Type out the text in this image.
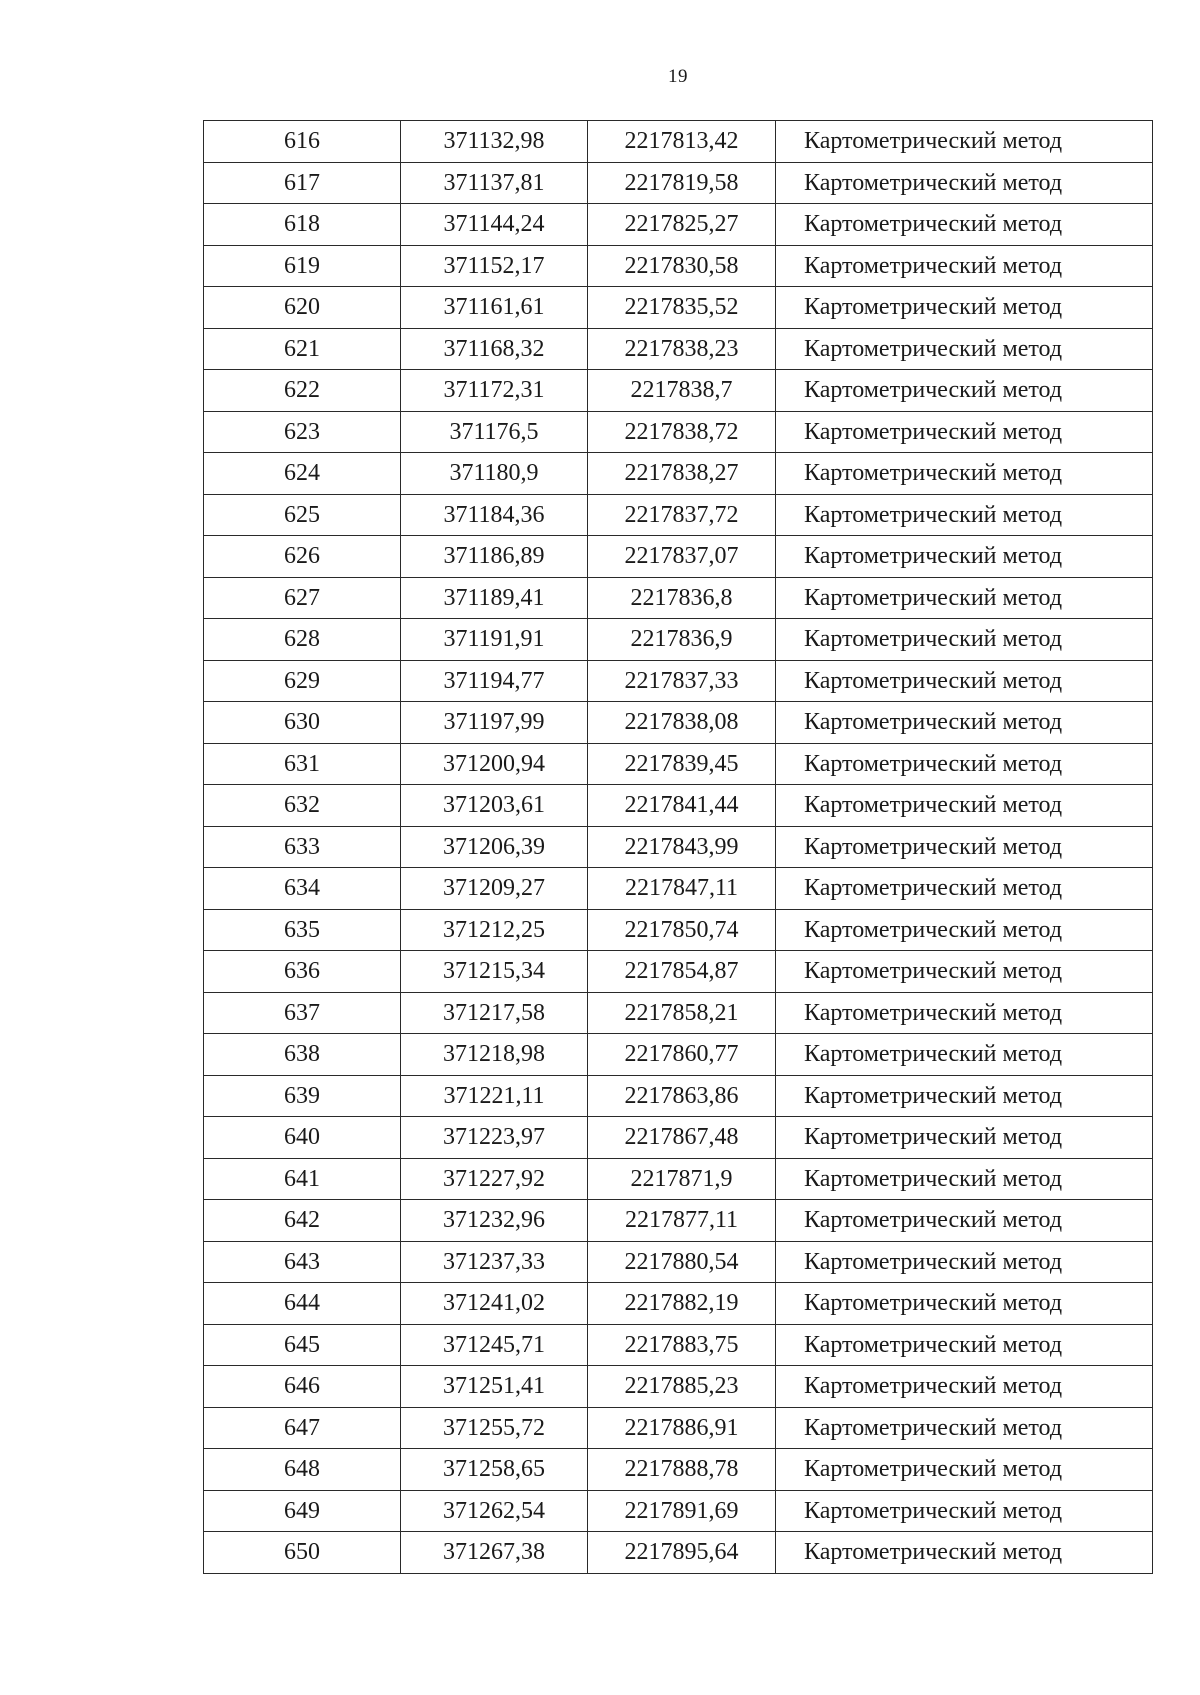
19
616	371132,98	2217813,42	Картометрический метод
617	371137,81	2217819,58	Картометрический метод
618	371144,24	2217825,27	Картометрический метод
619	371152,17	2217830,58	Картометрический метод
620	371161,61	2217835,52	Картометрический метод
621	371168,32	2217838,23	Картометрический метод
622	371172,31	2217838,7	Картометрический метод
623	371176,5	2217838,72	Картометрический метод
624	371180,9	2217838,27	Картометрический метод
625	371184,36	2217837,72	Картометрический метод
626	371186,89	2217837,07	Картометрический метод
627	371189,41	2217836,8	Картометрический метод
628	371191,91	2217836,9	Картометрический метод
629	371194,77	2217837,33	Картометрический метод
630	371197,99	2217838,08	Картометрический метод
631	371200,94	2217839,45	Картометрический метод
632	371203,61	2217841,44	Картометрический метод
633	371206,39	2217843,99	Картометрический метод
634	371209,27	2217847,11	Картометрический метод
635	371212,25	2217850,74	Картометрический метод
636	371215,34	2217854,87	Картометрический метод
637	371217,58	2217858,21	Картометрический метод
638	371218,98	2217860,77	Картометрический метод
639	371221,11	2217863,86	Картометрический метод
640	371223,97	2217867,48	Картометрический метод
641	371227,92	2217871,9	Картометрический метод
642	371232,96	2217877,11	Картометрический метод
643	371237,33	2217880,54	Картометрический метод
644	371241,02	2217882,19	Картометрический метод
645	371245,71	2217883,75	Картометрический метод
646	371251,41	2217885,23	Картометрический метод
647	371255,72	2217886,91	Картометрический метод
648	371258,65	2217888,78	Картометрический метод
649	371262,54	2217891,69	Картометрический метод
650	371267,38	2217895,64	Картометрический метод
